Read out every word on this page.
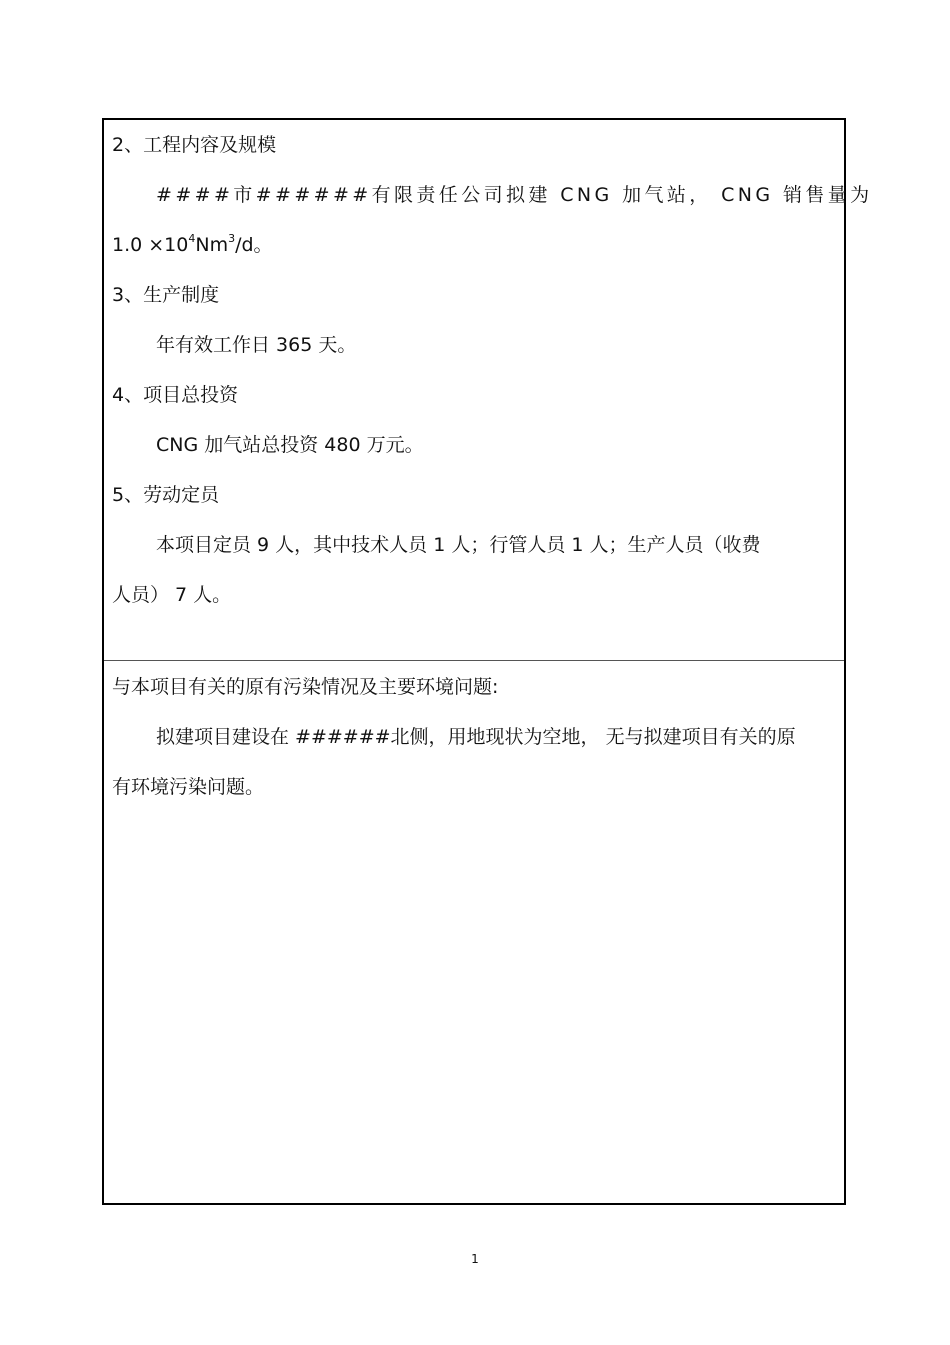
2、工程内容及规模
####市######有限责任公司拟建 CNG 加气站， CNG 销售量为
$1.0 \times 10^4Nm^3/d$。
3、生产制度
年有效工作日 365 天。
4、项目总投资
CNG 加气站总投资 480 万元。
5、劳动定员
本项目定员 9 人，其中技术人员 1 人；行管人员 1 人；生产人员（收费
人员） 7 人。
与本项目有关的原有污染情况及主要环境问题:
拟建项目建设在 ######北侧，用地现状为空地， 无与拟建项目有关的原
有环境污染问题。
1
